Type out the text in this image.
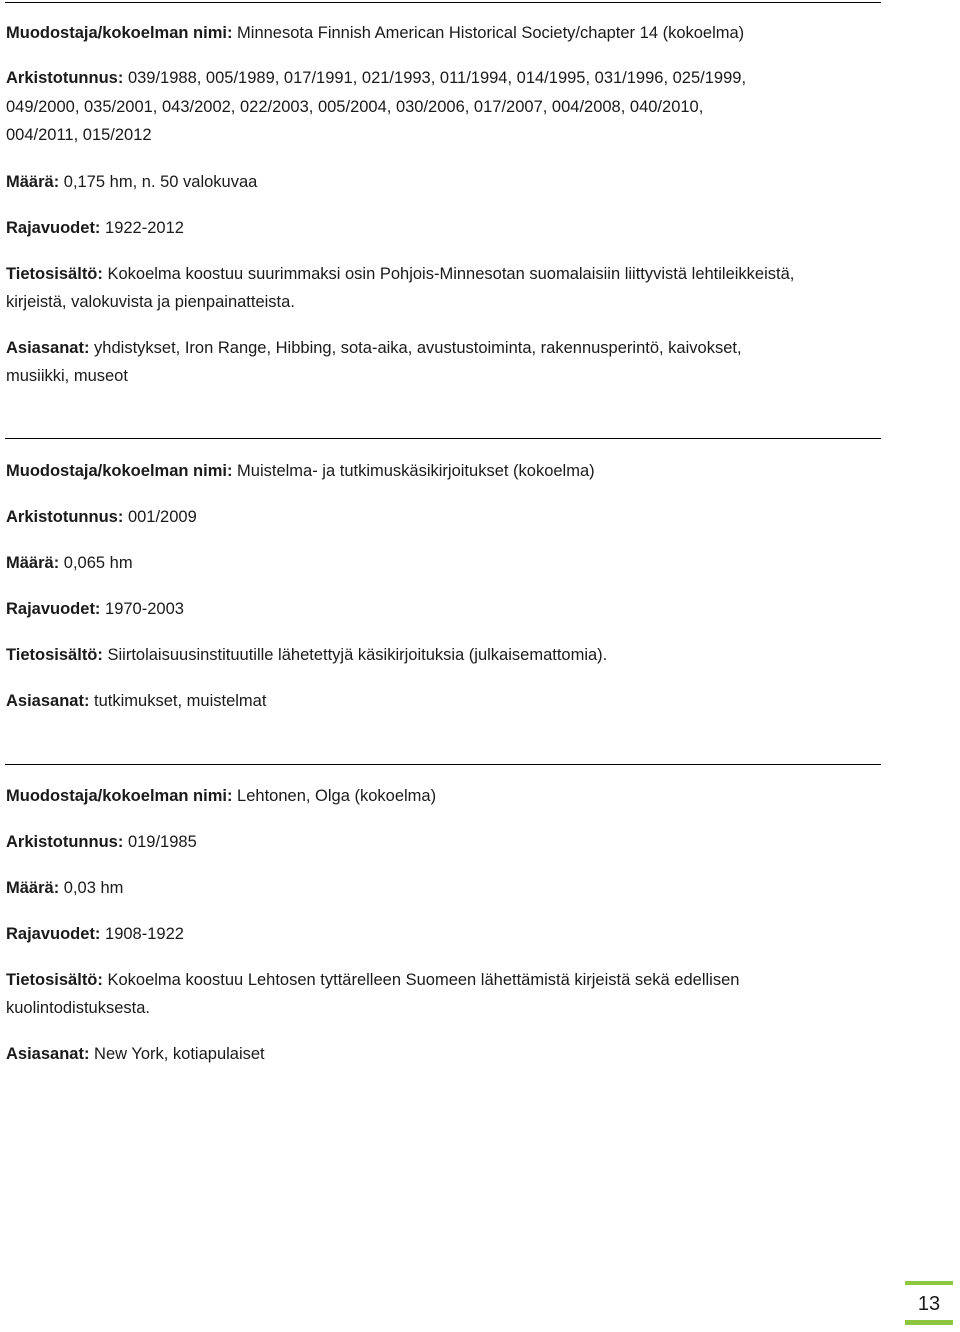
Muodostaja/kokoelman nimi: Minnesota Finnish American Historical Society/chapter 14 (kokoelma)

Arkistotunnus: 039/1988, 005/1989, 017/1991, 021/1993, 011/1994, 014/1995, 031/1996, 025/1999,

049/2000, 035/2001, 043/2002, 022/2003, 005/2004, 030/2006, 017/2007, 004/2008, 040/2010,

004/2011, 015/2012

Määrä: 0,175 hm, n. 50 valokuvaa

Rajavuodet: 1922-2012

Tietosisältö: Kokoelma koostuu suurimmaksi osin Pohjois-Minnesotan suomalaisiin liittyvistä lehtileikkeistä,

kirjeistä, valokuvista ja pienpainatteista.

Asiasanat: yhdistykset, Iron Range, Hibbing, sota-aika, avustustoiminta, rakennusperintö, kaivokset,

musiikki, museot

Muodostaja/kokoelman nimi: Muistelma- ja tutkimuskäsikirjoitukset (kokoelma)

Arkistotunnus: 001/2009

Määrä: 0,065 hm

Rajavuodet: 1970-2003

Tietosisältö: Siirtolaisuusinstituutille lähetettyjä käsikirjoituksia (julkaisemattomia).

Asiasanat: tutkimukset, muistelmat

Muodostaja/kokoelman nimi: Lehtonen, Olga (kokoelma)

Arkistotunnus: 019/1985

Määrä: 0,03 hm

Rajavuodet: 1908-1922

Tietosisältö: Kokoelma koostuu Lehtosen tyttärelleen Suomeen lähettämistä kirjeistä sekä edellisen

kuolintodistuksesta.

Asiasanat: New York, kotiapulaiset

13
